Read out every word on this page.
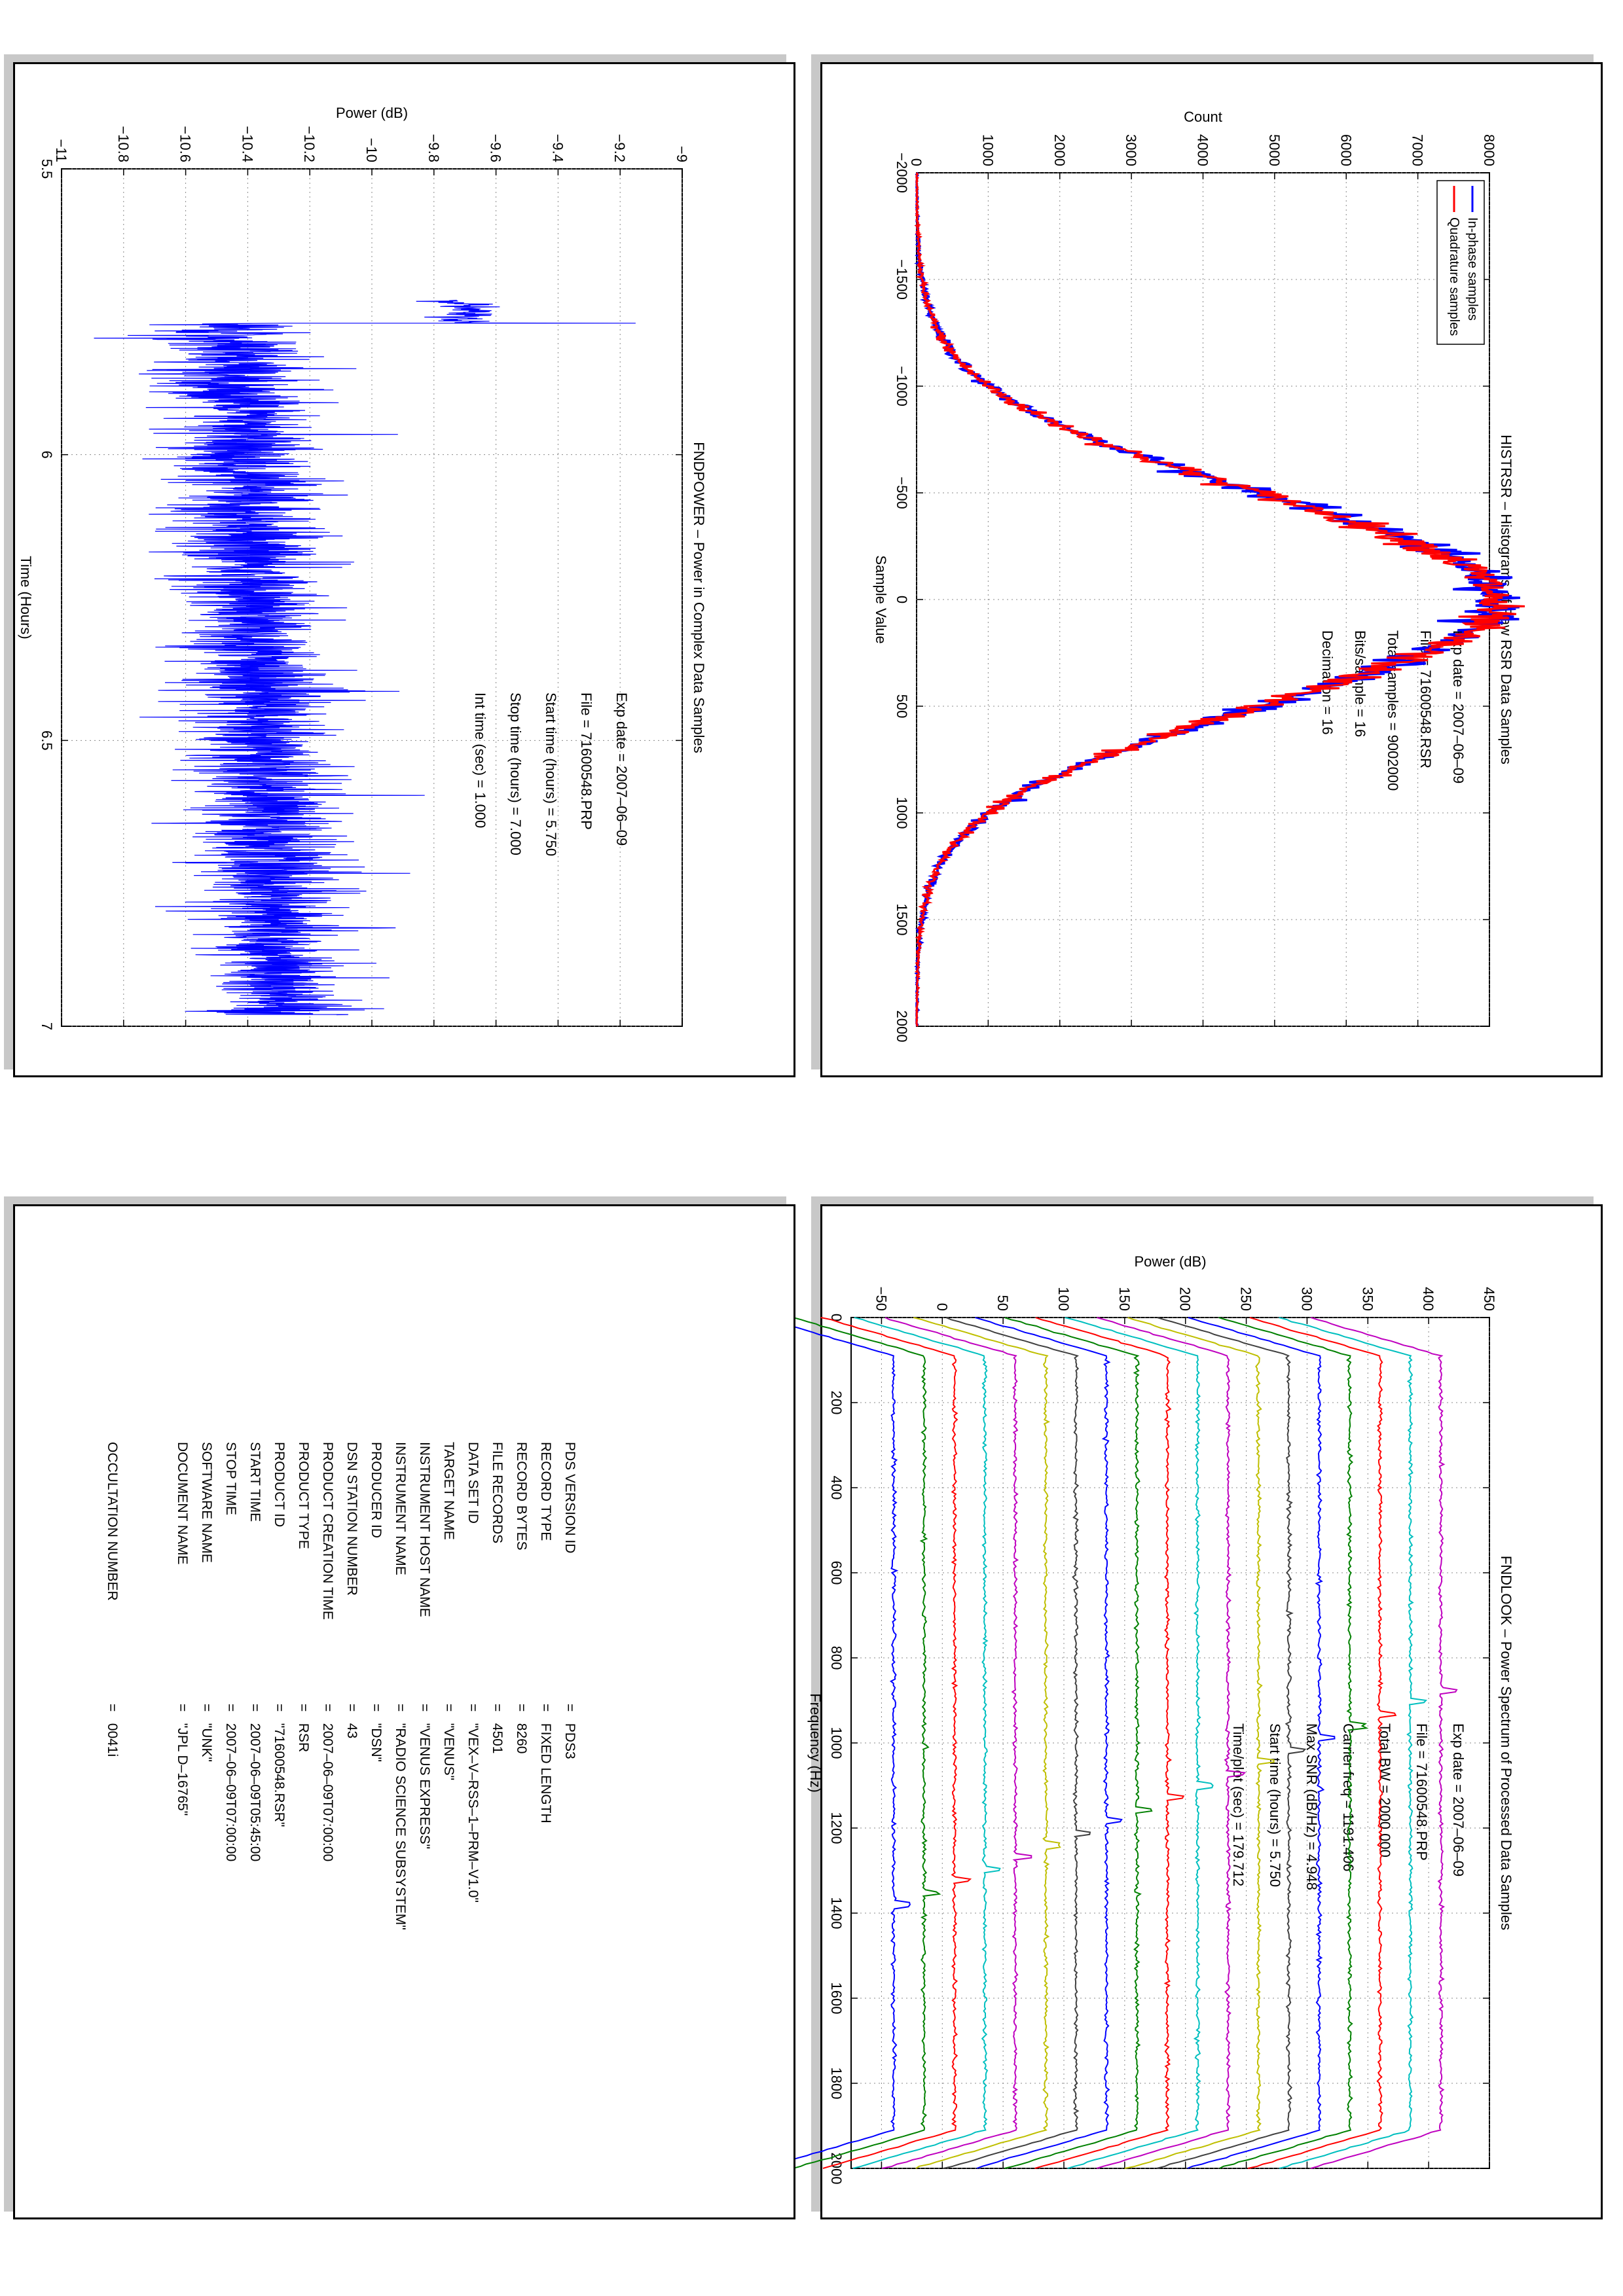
−2000
−1500
−1000
−500
0
500
1000
1500
2000
0	1000	2000	3000	4000	5000	6000	7000	8000
HISTRSR – Histograms of Raw RSR Data Samples
Sample Value
Count
Exp date = 2007–06–09
File = 71600548.RSR
Total samples = 9002000
Bits/sample = 16
Decimation = 16
In-phase samples
Quadrature samples
5.5
6
6.5
7
−11	−10.8	−10.6	−10.4	−10.2	−10	−9.8	−9.6	−9.4	−9.2	−9
FNDPOWER – Power in Complex Data Samples
Time (Hours)
Power (dB)
Exp date = 2007–06–09
File = 71600548.PRP
Start time (hours) = 5.750
Stop time (hours) = 7.000
Int time (sec) = 1.000
0
200
400
600
800
1000
1200
1400
1600
1800
2000
−50	0	50	100	150	200	250	300	350	400	450
FNDLOOK – Power Spectrum of Processed Data Samples
Frequency (Hz)
Power (dB)
Exp date = 2007–06–09
File = 71600548.PRP
Total BW = 2000.000
Carrier freq = 1191.406
Max SNR (dB/Hz) = 4.948
Start time (hours) = 5.750
Time/plot (sec) = 179.712
PDS VERSION ID
=   PDS3
RECORD TYPE
=   FIXED LENGTH
RECORD BYTES
=   8260
FILE RECORDS
=   4501
DATA SET ID
=   "VEX–V–RSS–1–PRM–V1.0"
TARGET NAME
=   "VENUS"
INSTRUMENT HOST NAME
=   "VENUS EXPRESS"
INSTRUMENT NAME
=   "RADIO SCIENCE SUBSYSTEM"
PRODUCER ID
=   "DSN"
DSN STATION NUMBER
=   43
PRODUCT CREATION TIME
=   2007–06–09T07:00:00
PRODUCT TYPE
=   RSR
PRODUCT ID
=   "71600548.RSR"
START TIME
=   2007–06–09T05:45:00
STOP TIME
=   2007–06–09T07:00:00
SOFTWARE NAME
=   "UNK"
DOCUMENT NAME
=   "JPL D–16765"
OCCULTATION NUMBER
=   0041i
